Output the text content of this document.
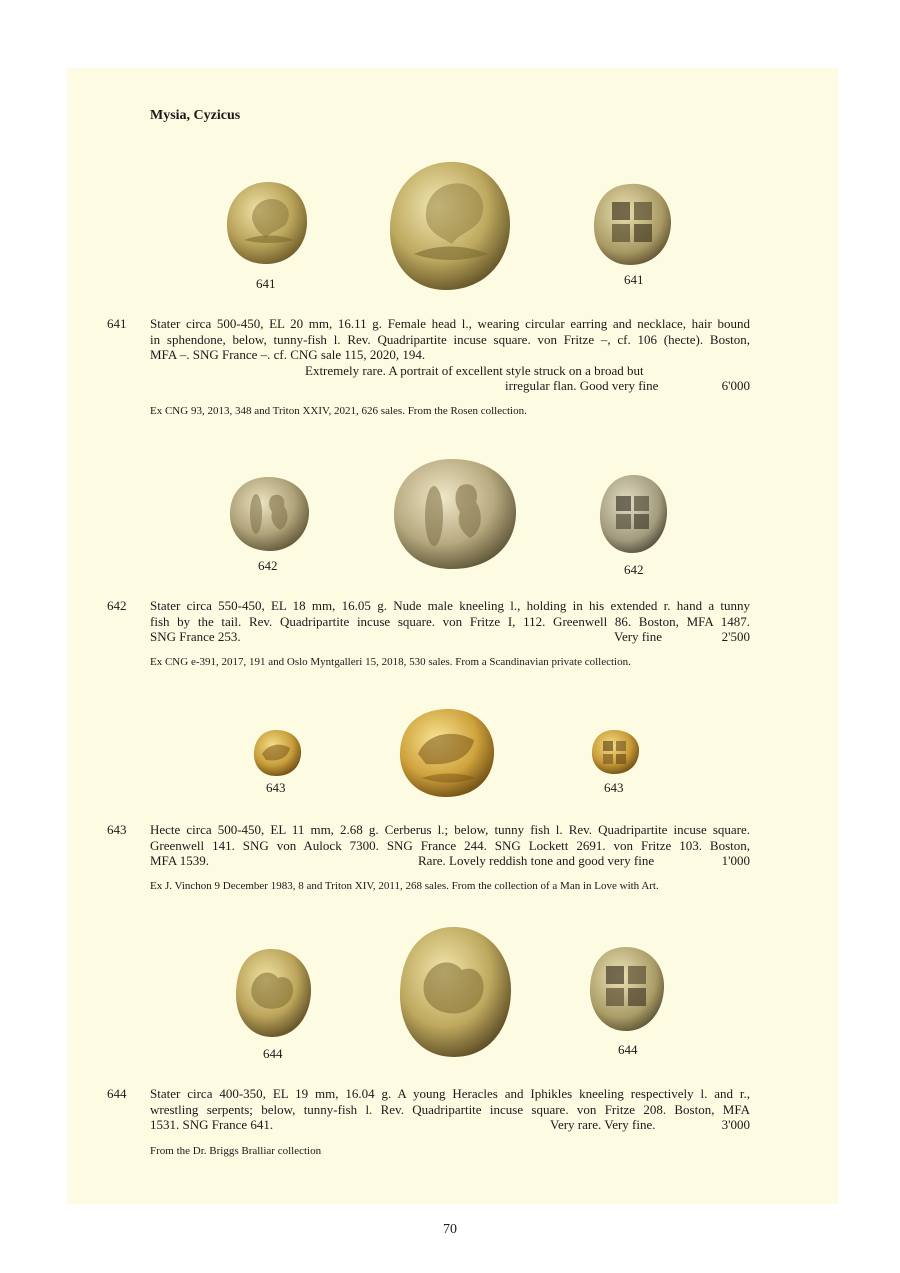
Mysia, Cyzicus
641	641
641 Stater circa 500-450, EL 20 mm, 16.11 g. Female head l., wearing circular earring and necklace, hair bound
in sphendone, below, tunny-fish l. Rev. Quadripartite incuse square. von Fritze –, cf. 106 (hecte). Boston,
MFA –. SNG France –. cf. CNG sale 115, 2020, 194.
Extremely rare. A portrait of excellent style struck on a broad but
irregular flan. Good very fine	6'000
Ex CNG 93, 2013, 348 and Triton XXIV, 2021, 626 sales. From the Rosen collection.
642	642
642 Stater circa 550-450, EL 18 mm, 16.05 g. Nude male kneeling l., holding in his extended r. hand a tunny
fish by the tail. Rev. Quadripartite incuse square. von Fritze I, 112. Greenwell 86. Boston, MFA 1487.
SNG France 253.	Very fine	2'500
Ex CNG e-391, 2017, 191 and Oslo Myntgalleri 15, 2018, 530 sales. From a Scandinavian private collection.
643	643
643 Hecte circa 500-450, EL 11 mm, 2.68 g. Cerberus l.; below, tunny fish l. Rev. Quadripartite incuse square.
Greenwell 141. SNG von Aulock 7300. SNG France 244. SNG Lockett 2691. von Fritze 103. Boston,
MFA 1539.	Rare. Lovely reddish tone and good very fine	1'000
Ex J. Vinchon 9 December 1983, 8 and Triton XIV, 2011, 268 sales. From the collection of a Man in Love with Art.
644	644
644 Stater circa 400-350, EL 19 mm, 16.04 g. A young Heracles and Iphikles kneeling respectively l. and r.,
wrestling serpents; below, tunny-fish l. Rev. Quadripartite incuse square. von Fritze 208. Boston, MFA
1531. SNG France 641.	Very rare. Very fine.	3'000
From the Dr. Briggs Bralliar collection
70
